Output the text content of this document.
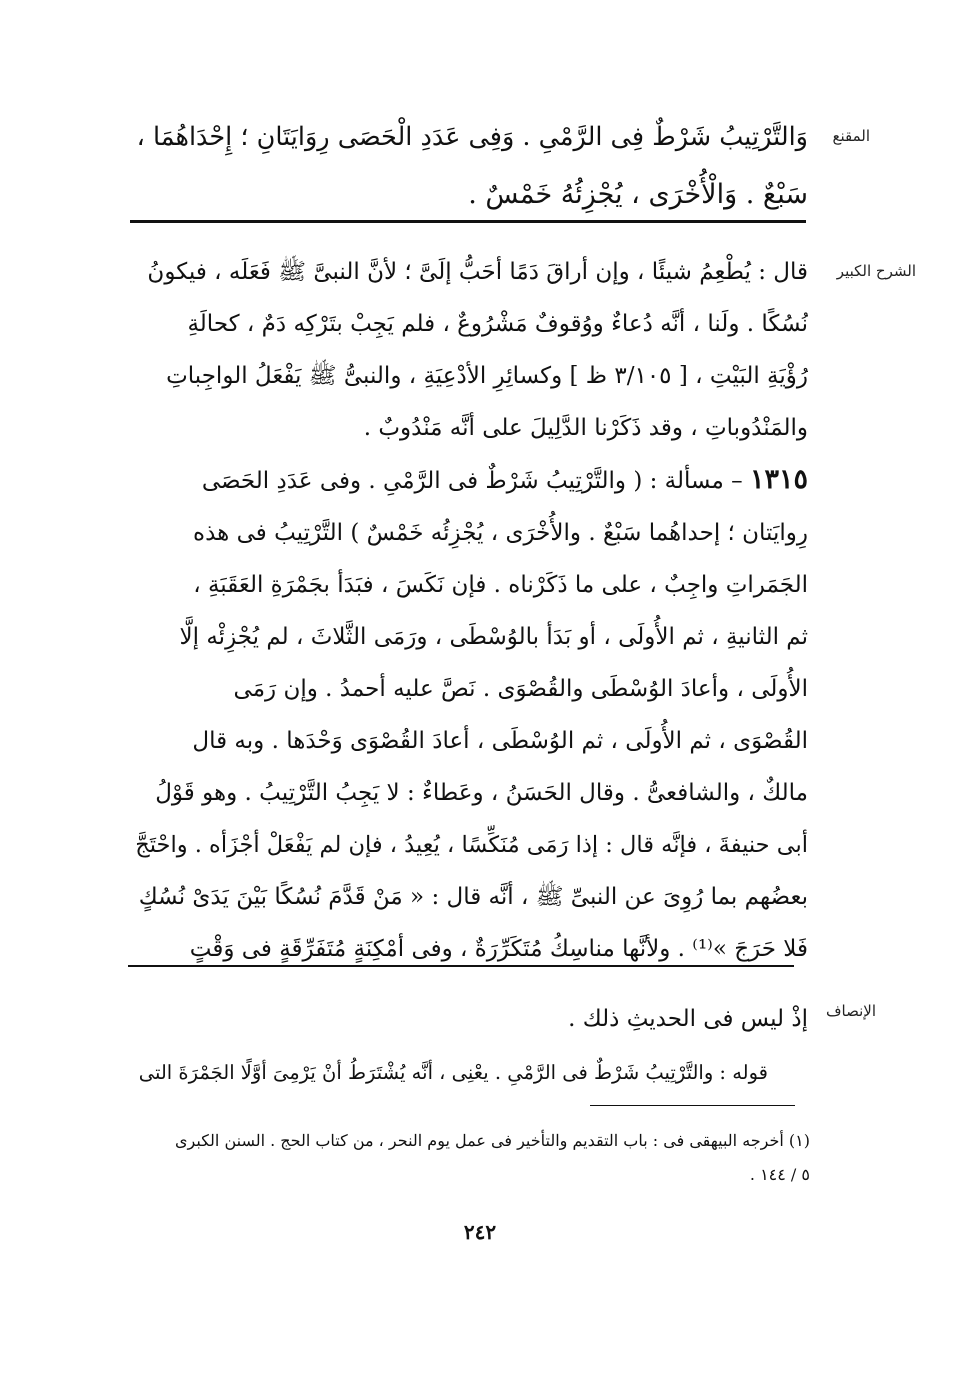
المقنع
وَالتَّرْتِيبُ شَرْطٌ فِى الرَّمْىِ . وَفِى عَدَدِ الْحَصَى رِوَايَتَانِ ؛ إِحْدَاهُمَا ،
سَبْعٌ . وَالْأُخْرَى ، يُجْزِئُهُ خَمْسٌ .
الشرح الكبير
قال : يُطْعِمُ شيئًا ، وإن أراقَ دَمًا أحَبُّ إلَىَّ ؛ لأنَّ النبىَّ ﷺ فَعَلَه ، فيكونُ
نُسُكًا . ولَنا ، أنَّه دُعاءٌ ووُقوفٌ مَشْرُوعٌ ، فلم يَجِبْ بتَرْكِه دَمٌ ، كحالَةِ
رُؤْيَةِ البَيْتِ ، [ ٣/١٠٥ ظ ] وكسائِرِ الأدْعِيَةِ ، والنبىُّ ﷺ يَفْعَلُ الواجِباتِ
والمَنْدُوباتِ ، وقد ذَكَرْنا الدَّلِيلَ على أنَّه مَنْدُوبٌ .
١٣١٥ – مسألة : ( والتَّرْتِيبُ شَرْطٌ فى الرَّمْىِ . وفى عَدَدِ الحَصَى
رِوايَتان ؛ إحداهُما سَبْعٌ . والأُخْرَى ، يُجْزِئُه خَمْسٌ ) التَّرْتِيبُ فى هذه
الجَمَراتِ واجِبٌ ، على ما ذَكَرْناه . فإن نَكَسَ ، فبَدَأ بجَمْرَةِ العَقَبَةِ ،
ثم الثانيةِ ، ثم الأُولَى ، أو بَدَأ بالوُسْطَى ، ورَمَى الثَّلاثَ ، لم يُجْزِئْه إلَّا
الأُولَى ، وأعادَ الوُسْطَى والقُصْوَى . نَصَّ عليه أحمدُ . وإن رَمَى
القُصْوَى ، ثم الأُولَى ، ثم الوُسْطَى ، أعادَ القُصْوَى وَحْدَها . وبه قال
مالكٌ ، والشافعىُّ . وقال الحَسَنُ ، وعَطاءٌ : لا يَجِبُ التَّرْتِيبُ . وهو قَوْلُ
أبى حنيفةَ ، فإنَّه قال : إذا رَمَى مُنَكِّسًا ، يُعِيدُ ، فإن لم يَفْعَلْ أجْزَأه . واحْتَجَّ
بعضُهم بما رُوِىَ عن النبىِّ ﷺ ، أنَّه قال : « مَنْ قَدَّمَ نُسُكًا بَيْنَ يَدَىْ نُسُكٍ
فَلا حَرَجَ »⁽¹⁾ . ولأنَّها مناسِكُ مُتَكَرِّرَةٌ ، وفى أمْكِنَةٍ مُتَفَرِّقَةٍ فى وَقْتٍ
الإنصاف
إذْ ليس فى الحديثِ ذلك .
قوله : والتَّرْتِيبُ شَرْطٌ فى الرَّمْىِ . يعْنِى ، أنَّه يُشْتَرَطُ أنْ يَرْمِىَ أوَّلًا الجَمْرَةَ التى
(١) أخرجه البيهقى فى : باب التقديم والتأخير فى عمل يوم النحر ، من كتاب الحج . السنن الكبرى
٥ / ١٤٤ .
٢٤٢
